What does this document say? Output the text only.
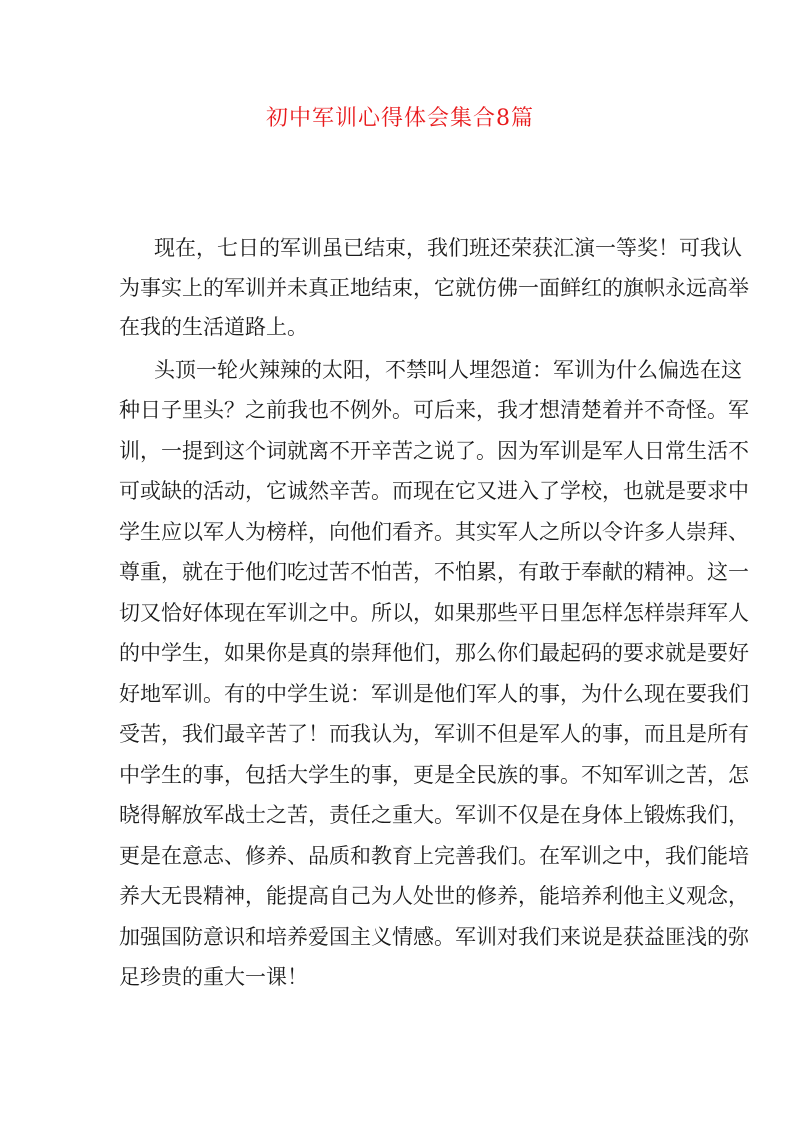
初中军训心得体会集合8篇
现在，七日的军训虽已结束，我们班还荣获汇演一等奖！可我认
为事实上的军训并未真正地结束，它就仿佛一面鲜红的旗帜永远高举
在我的生活道路上。
头顶一轮火辣辣的太阳，不禁叫人埋怨道：军训为什么偏选在这
种日子里头？之前我也不例外。可后来，我才想清楚着并不奇怪。军
训，一提到这个词就离不开辛苦之说了。因为军训是军人日常生活不
可或缺的活动，它诚然辛苦。而现在它又进入了学校，也就是要求中
学生应以军人为榜样，向他们看齐。其实军人之所以令许多人崇拜、
尊重，就在于他们吃过苦不怕苦，不怕累，有敢于奉献的精神。这一
切又恰好体现在军训之中。所以，如果那些平日里怎样怎样崇拜军人
的中学生，如果你是真的崇拜他们，那么你们最起码的要求就是要好
好地军训。有的中学生说：军训是他们军人的事，为什么现在要我们
受苦，我们最辛苦了！而我认为，军训不但是军人的事，而且是所有
中学生的事，包括大学生的事，更是全民族的事。不知军训之苦，怎
晓得解放军战士之苦，责任之重大。军训不仅是在身体上锻炼我们，
更是在意志、修养、品质和教育上完善我们。在军训之中，我们能培
养大无畏精神，能提高自己为人处世的修养，能培养利他主义观念，
加强国防意识和培养爱国主义情感。军训对我们来说是获益匪浅的弥
足珍贵的重大一课！
